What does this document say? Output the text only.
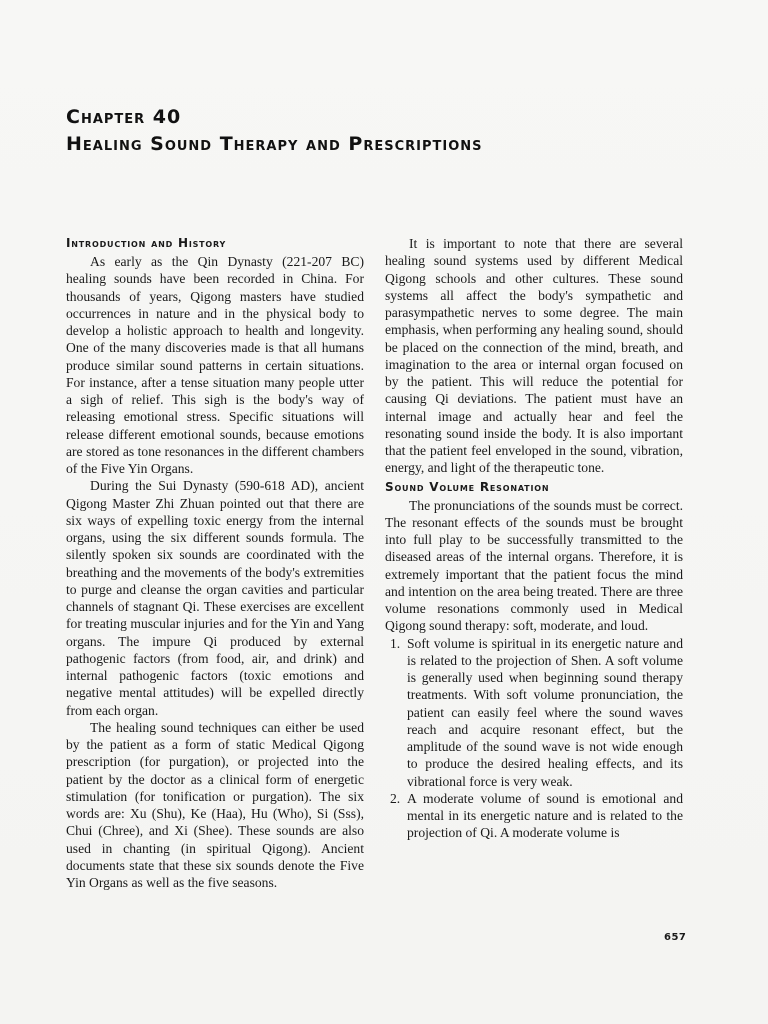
Chapter 40
Healing Sound Therapy and Prescriptions
Introduction and History

As early as the Qin Dynasty (221-207 BC) healing sounds have been recorded in China. For thousands of years, Qigong masters have studied occurrences in nature and in the physical body to develop a holistic approach to health and longevity. One of the many discoveries made is that all humans produce similar sound patterns in certain situations. For instance, after a tense situation many people utter a sigh of relief. This sigh is the body's way of releasing emotional stress. Specific situations will release different emotional sounds, because emotions are stored as tone resonances in the different chambers of the Five Yin Organs.

During the Sui Dynasty (590-618 AD), ancient Qigong Master Zhi Zhuan pointed out that there are six ways of expelling toxic energy from the internal organs, using the six different sounds formula. The silently spoken six sounds are coordinated with the breathing and the movements of the body's extremities to purge and cleanse the organ cavities and particular channels of stagnant Qi. These exercises are excellent for treating muscular injuries and for the Yin and Yang organs. The impure Qi produced by external pathogenic factors (from food, air, and drink) and internal pathogenic factors (toxic emotions and negative mental attitudes) will be expelled directly from each organ.

The healing sound techniques can either be used by the patient as a form of static Medical Qigong prescription (for purgation), or projected into the patient by the doctor as a clinical form of energetic stimulation (for tonification or purgation). The six words are: Xu (Shu), Ke (Haa), Hu (Who), Si (Sss), Chui (Chree), and Xi (Shee). These sounds are also used in chanting (in spiritual Qigong). Ancient documents state that these six sounds denote the Five Yin Organs as well as the five seasons.

It is important to note that there are several healing sound systems used by different Medical Qigong schools and other cultures. These sound systems all affect the body's sympathetic and parasympathetic nerves to some degree. The main emphasis, when performing any healing sound, should be placed on the connection of the mind, breath, and imagination to the area or internal organ focused on by the patient. This will reduce the potential for causing Qi deviations. The patient must have an internal image and actually hear and feel the resonating sound inside the body. It is also important that the patient feel enveloped in the sound, vibration, energy, and light of the therapeutic tone.

Sound Volume Resonation

The pronunciations of the sounds must be correct. The resonant effects of the sounds must be brought into full play to be successfully transmitted to the diseased areas of the internal organs. Therefore, it is extremely important that the patient focus the mind and intention on the area being treated. There are three volume resonations commonly used in Medical Qigong sound therapy: soft, moderate, and loud.

1. Soft volume is spiritual in its energetic nature and is related to the projection of Shen. A soft volume is generally used when beginning sound therapy treatments. With soft volume pronunciation, the patient can easily feel where the sound waves reach and acquire resonant effect, but the amplitude of the sound wave is not wide enough to produce the desired healing effects, and its vibrational force is very weak.
2. A moderate volume of sound is emotional and mental in its energetic nature and is related to the projection of Qi. A moderate volume is
657
